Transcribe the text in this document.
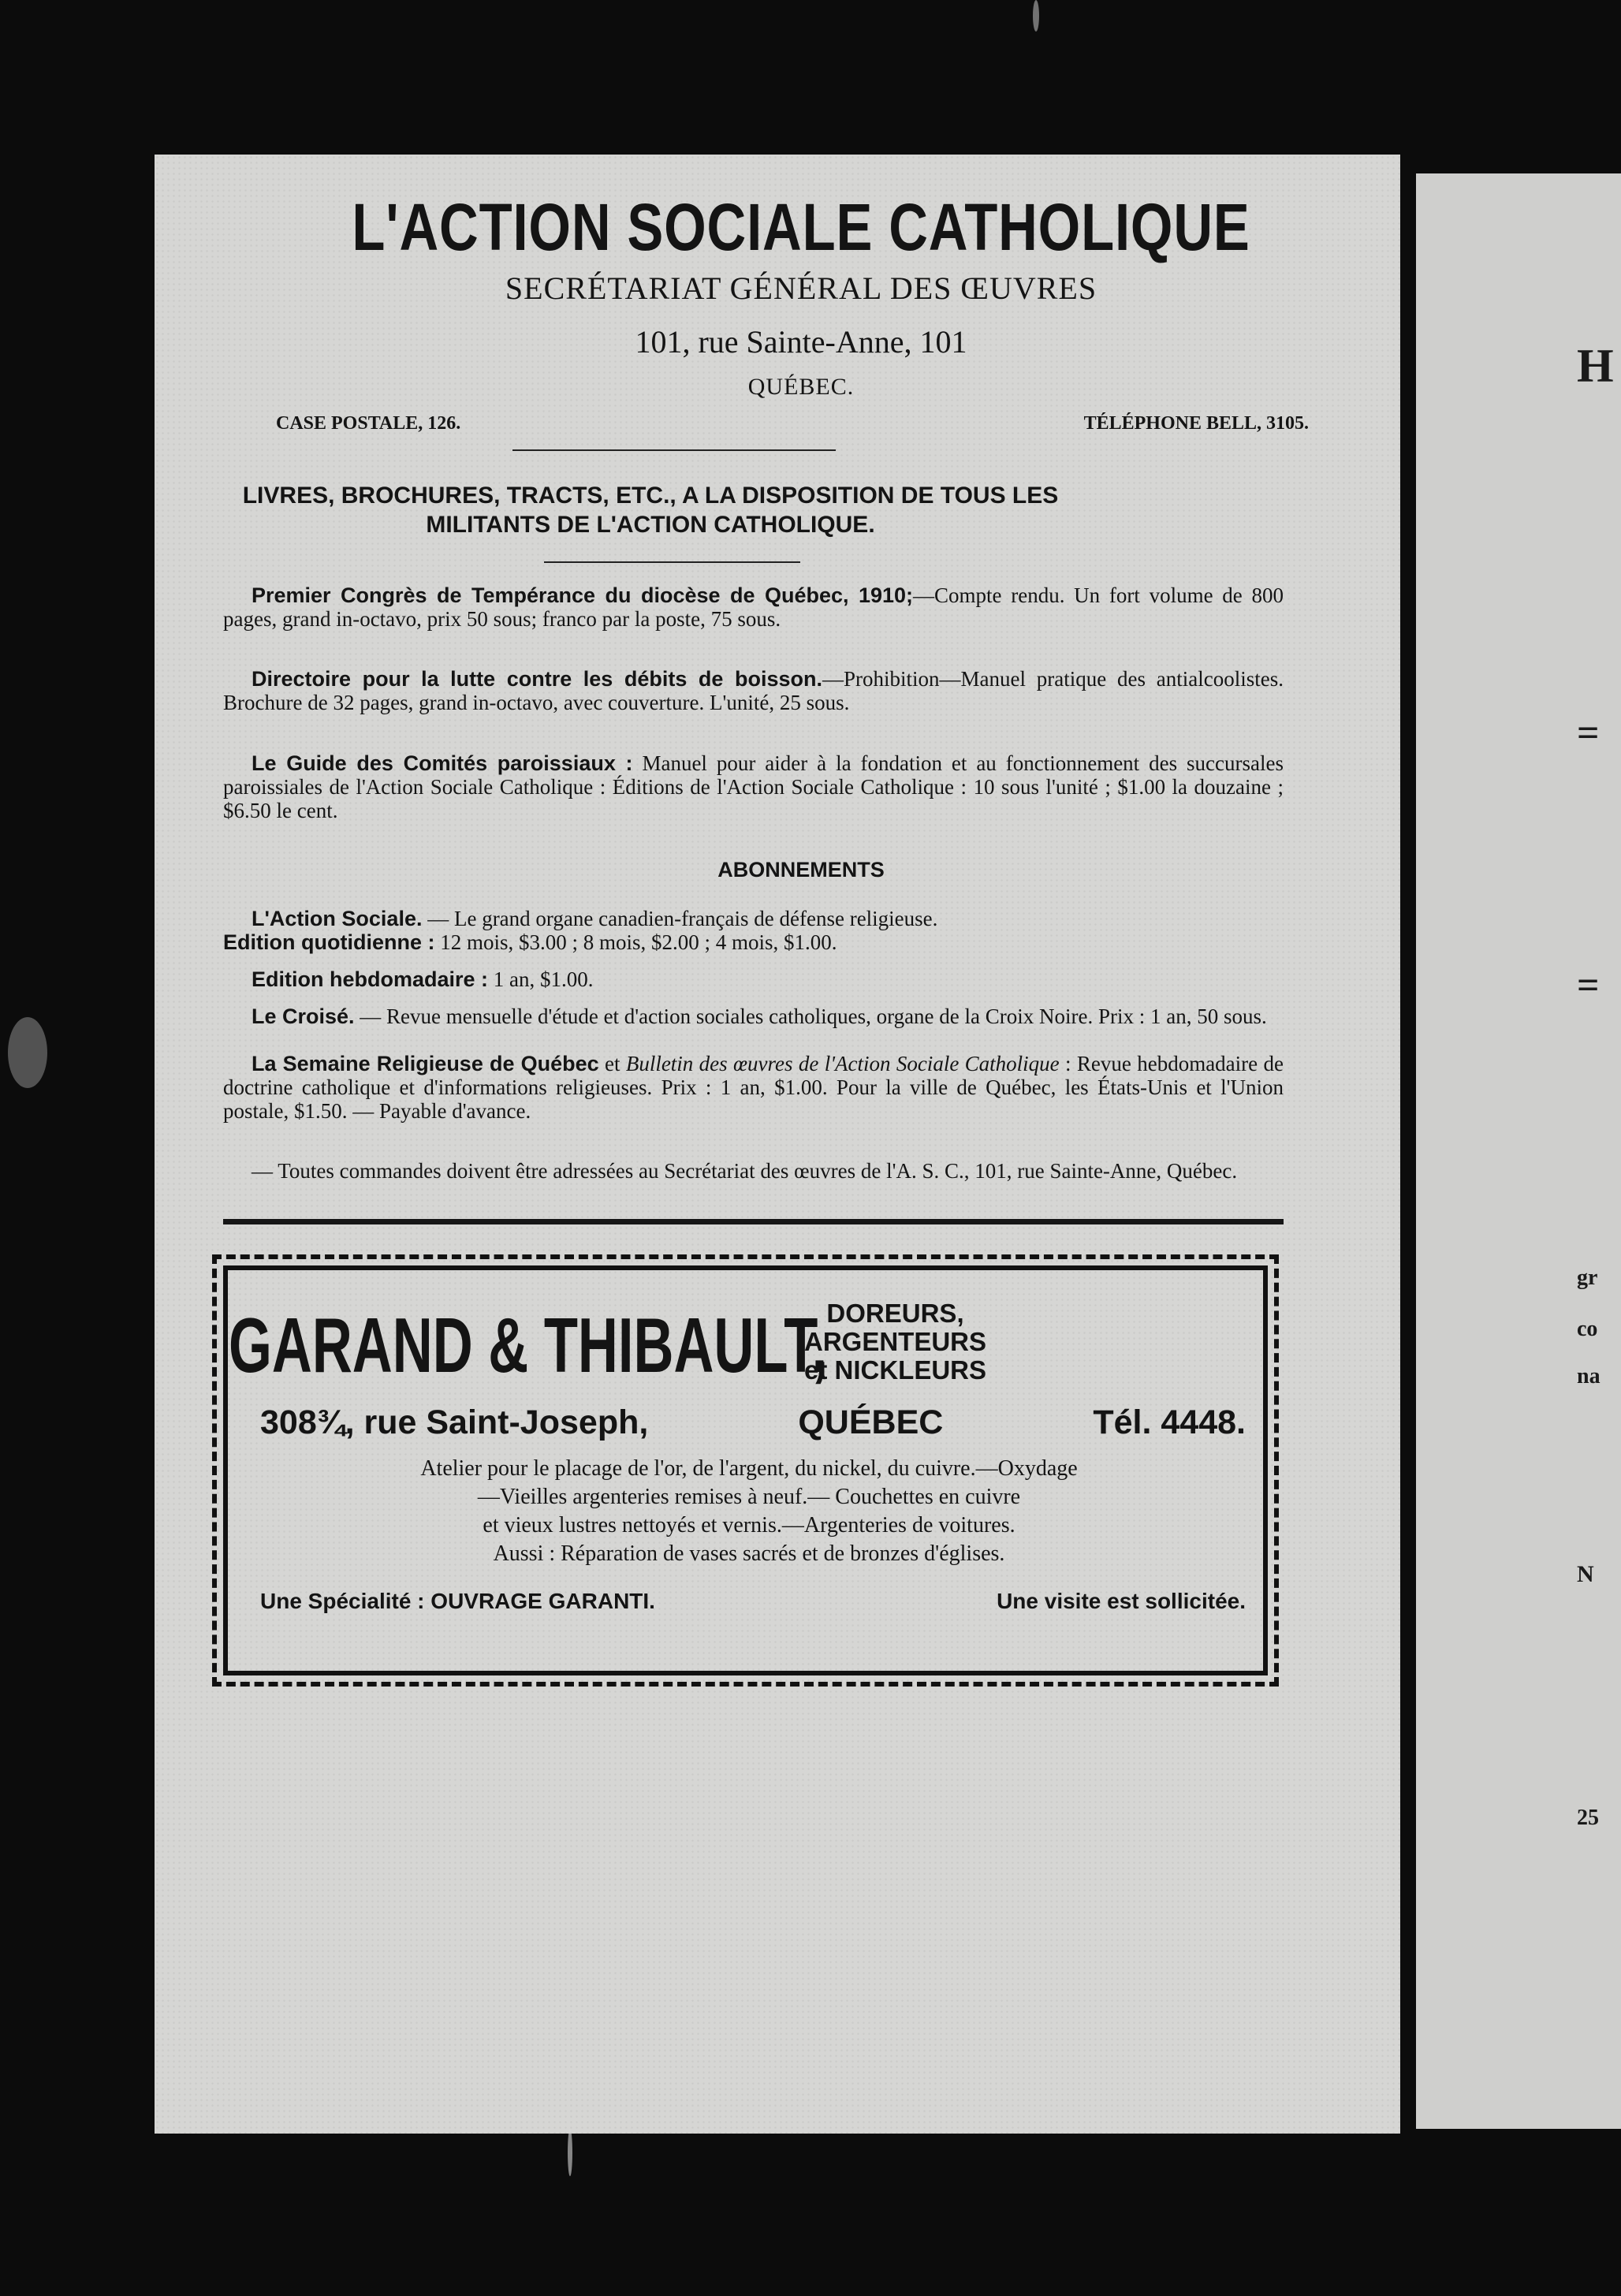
H
=
=
gr
co
na
N
25
L'ACTION SOCIALE CATHOLIQUE
SECRÉTARIAT GÉNÉRAL DES ŒUVRES
101, rue Sainte-Anne, 101
QUÉBEC.
CASE POSTALE, 126.	TÉLÉPHONE BELL, 3105.
LIVRES, BROCHURES, TRACTS, ETC., A LA DISPOSITION DE TOUS LES MILITANTS DE L'ACTION CATHOLIQUE.
Premier Congrès de Tempérance du diocèse de Québec, 1910;—Compte rendu. Un fort volume de 800 pages, grand in-octavo, prix 50 sous; franco par la poste, 75 sous.
Directoire pour la lutte contre les débits de boisson.—Prohibition—Manuel pratique des antialcoolistes. Brochure de 32 pages, grand in-octavo, avec couverture. L'unité, 25 sous.
Le Guide des Comités paroissiaux : Manuel pour aider à la fondation et au fonctionnement des succursales paroissiales de l'Action Sociale Catholique : Éditions de l'Action Sociale Catholique : 10 sous l'unité ; $1.00 la douzaine ; $6.50 le cent.
ABONNEMENTS
L'Action Sociale. — Le grand organe canadien-français de défense religieuse.
Edition quotidienne : 12 mois, $3.00 ; 8 mois, $2.00 ; 4 mois, $1.00.
Edition hebdomadaire : 1 an, $1.00.
Le Croisé. — Revue mensuelle d'étude et d'action sociales catholiques, organe de la Croix Noire. Prix : 1 an, 50 sous.
La Semaine Religieuse de Québec et Bulletin des œuvres de l'Action Sociale Catholique : Revue hebdomadaire de doctrine catholique et d'informations religieuses. Prix : 1 an, $1.00. Pour la ville de Québec, les États-Unis et l'Union postale, $1.50. — Payable d'avance.
— Toutes commandes doivent être adressées au Secrétariat des œuvres de l'A. S. C., 101, rue Sainte-Anne, Québec.
GARAND & THIBAULT, DOREURS,
ARGENTEURS
et NICKLEURS
308¾, rue Saint-Joseph,	QUÉBEC	Tél. 4448.
Atelier pour le placage de l'or, de l'argent, du nickel, du cuivre.—Oxydage
—Vieilles argenteries remises à neuf.— Couchettes en cuivre
et vieux lustres nettoyés et vernis.—Argenteries de voitures.
Aussi : Réparation de vases sacrés et de bronzes d'églises.
Une Spécialité : OUVRAGE GARANTI.	Une visite est sollicitée.
